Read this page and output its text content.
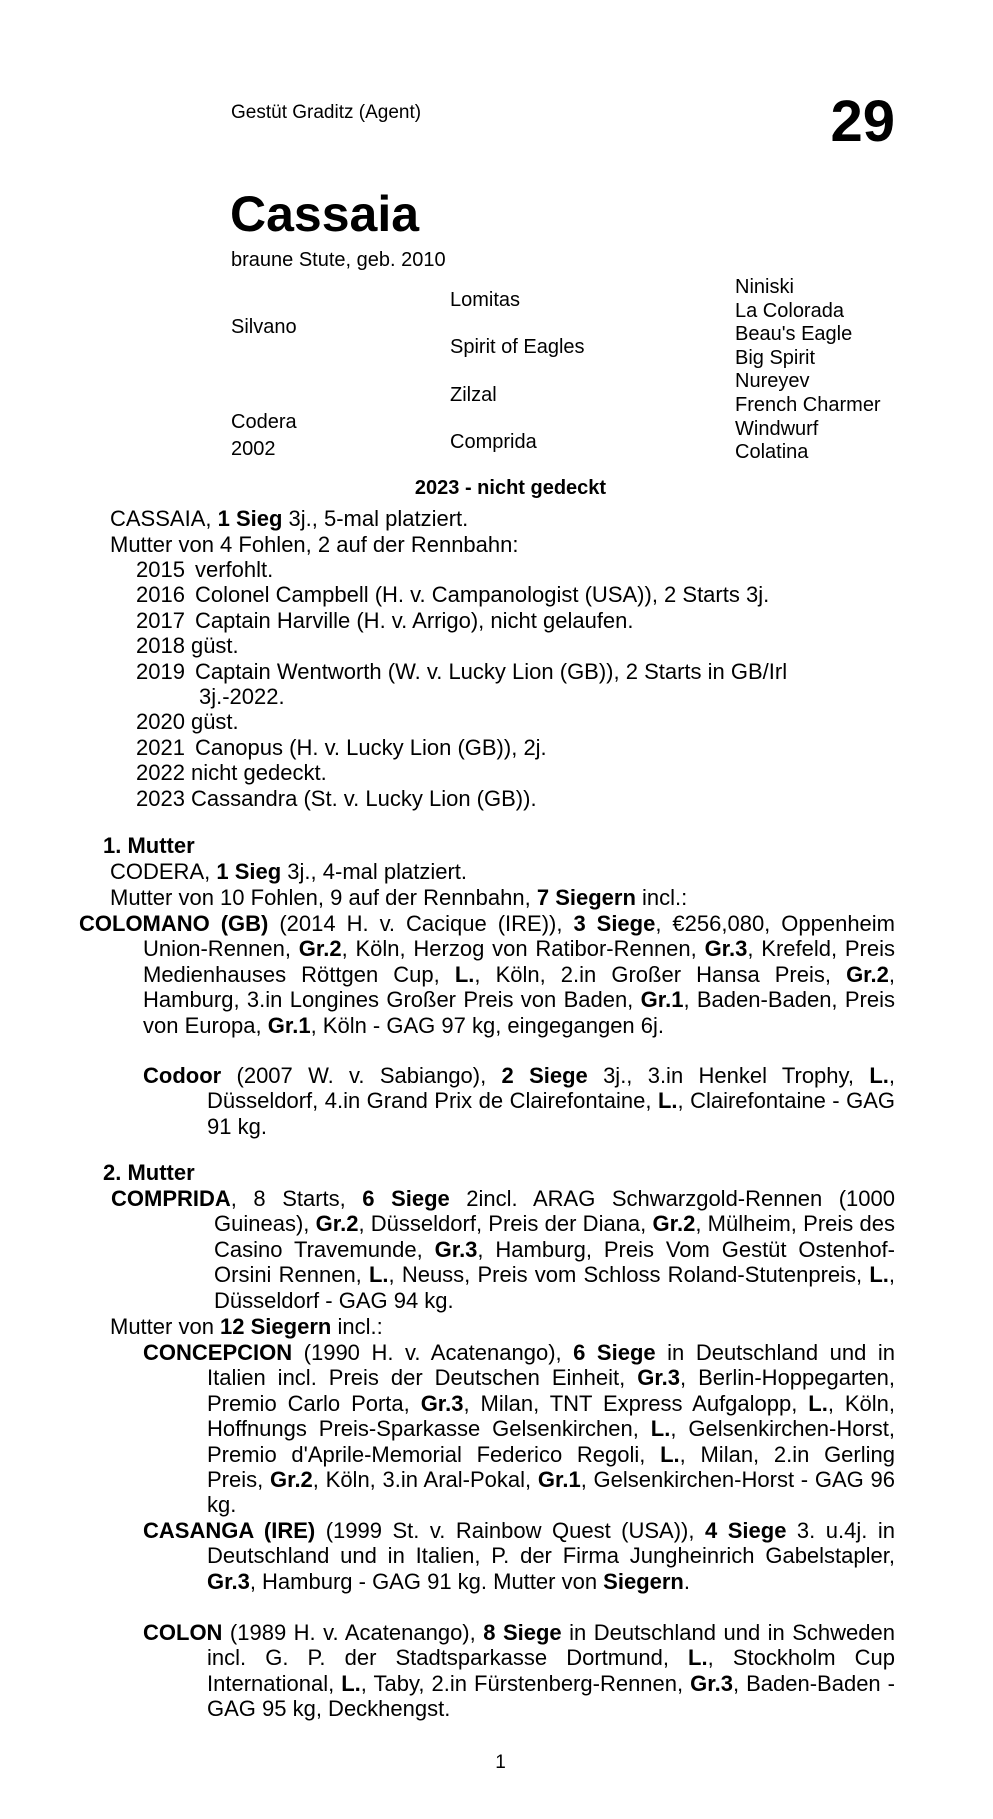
Gestüt Graditz (Agent)	29
Cassaia
braune Stute, geb. 2010
Silvano
Codera
2002
Lomitas
Spirit of Eagles
Zilzal
Comprida
Niniski
La Colorada
Beau's Eagle
Big Spirit
Nureyev
French Charmer
Windwurf
Colatina
2023 - nicht gedeckt
CASSAIA, 1 Sieg 3j., 5-mal platziert.
Mutter von 4 Fohlen, 2 auf der Rennbahn:
2015 verfohlt.
2016 Colonel Campbell (H. v. Campanologist (USA)), 2 Starts 3j.
2017 Captain Harville (H. v. Arrigo), nicht gelaufen.
2018 güst.
2019 Captain Wentworth (W. v. Lucky Lion (GB)), 2 Starts in GB/Irl
3j.-2022.
2020 güst.
2021 Canopus (H. v. Lucky Lion (GB)), 2j.
2022 nicht gedeckt.
2023 Cassandra (St. v. Lucky Lion (GB)).
1. Mutter
CODERA, 1 Sieg 3j., 4-mal platziert.
Mutter von 10 Fohlen, 9 auf der Rennbahn, 7 Siegern incl.:
COLOMANO (GB) (2014 H. v. Cacique (IRE)), 3 Siege, €256,080, Oppenheim Union-Rennen, Gr.2, Köln, Herzog von Ratibor-Rennen, Gr.3, Krefeld, Preis Medienhauses Röttgen Cup, L., Köln, 2.in Großer Hansa Preis, Gr.2, Hamburg, 3.in Longines Großer Preis von Baden, Gr.1, Baden-Baden, Preis von Europa, Gr.1, Köln - GAG 97 kg, eingegangen 6j.
Codoor (2007 W. v. Sabiango), 2 Siege 3j., 3.in Henkel Trophy, L., Düsseldorf, 4.in Grand Prix de Clairefontaine, L., Clairefontaine - GAG 91 kg.
2. Mutter
COMPRIDA, 8 Starts, 6 Siege 2incl. ARAG Schwarzgold-Rennen (1000 Guineas), Gr.2, Düsseldorf, Preis der Diana, Gr.2, Mülheim, Preis des Casino Travemunde, Gr.3, Hamburg, Preis Vom Gestüt Ostenhof-Orsini Rennen, L., Neuss, Preis vom Schloss Roland-Stutenpreis, L., Düsseldorf - GAG 94 kg.
Mutter von 12 Siegern incl.:
CONCEPCION (1990 H. v. Acatenango), 6 Siege in Deutschland und in Italien incl. Preis der Deutschen Einheit, Gr.3, Berlin-Hoppegarten, Premio Carlo Porta, Gr.3, Milan, TNT Express Aufgalopp, L., Köln, Hoffnungs Preis-Sparkasse Gelsenkirchen, L., Gelsenkirchen-Horst, Premio d'Aprile-Memorial Federico Regoli, L., Milan, 2.in Gerling Preis, Gr.2, Köln, 3.in Aral-Pokal, Gr.1, Gelsenkirchen-Horst - GAG 96 kg.
CASANGA (IRE) (1999 St. v. Rainbow Quest (USA)), 4 Siege 3. u.4j. in Deutschland und in Italien, P. der Firma Jungheinrich Gabelstapler, Gr.3, Hamburg - GAG 91 kg. Mutter von Siegern.
COLON (1989 H. v. Acatenango), 8 Siege in Deutschland und in Schweden incl. G. P. der Stadtsparkasse Dortmund, L., Stockholm Cup International, L., Taby, 2.in Fürstenberg-Rennen, Gr.3, Baden-Baden - GAG 95 kg, Deckhengst.
1
